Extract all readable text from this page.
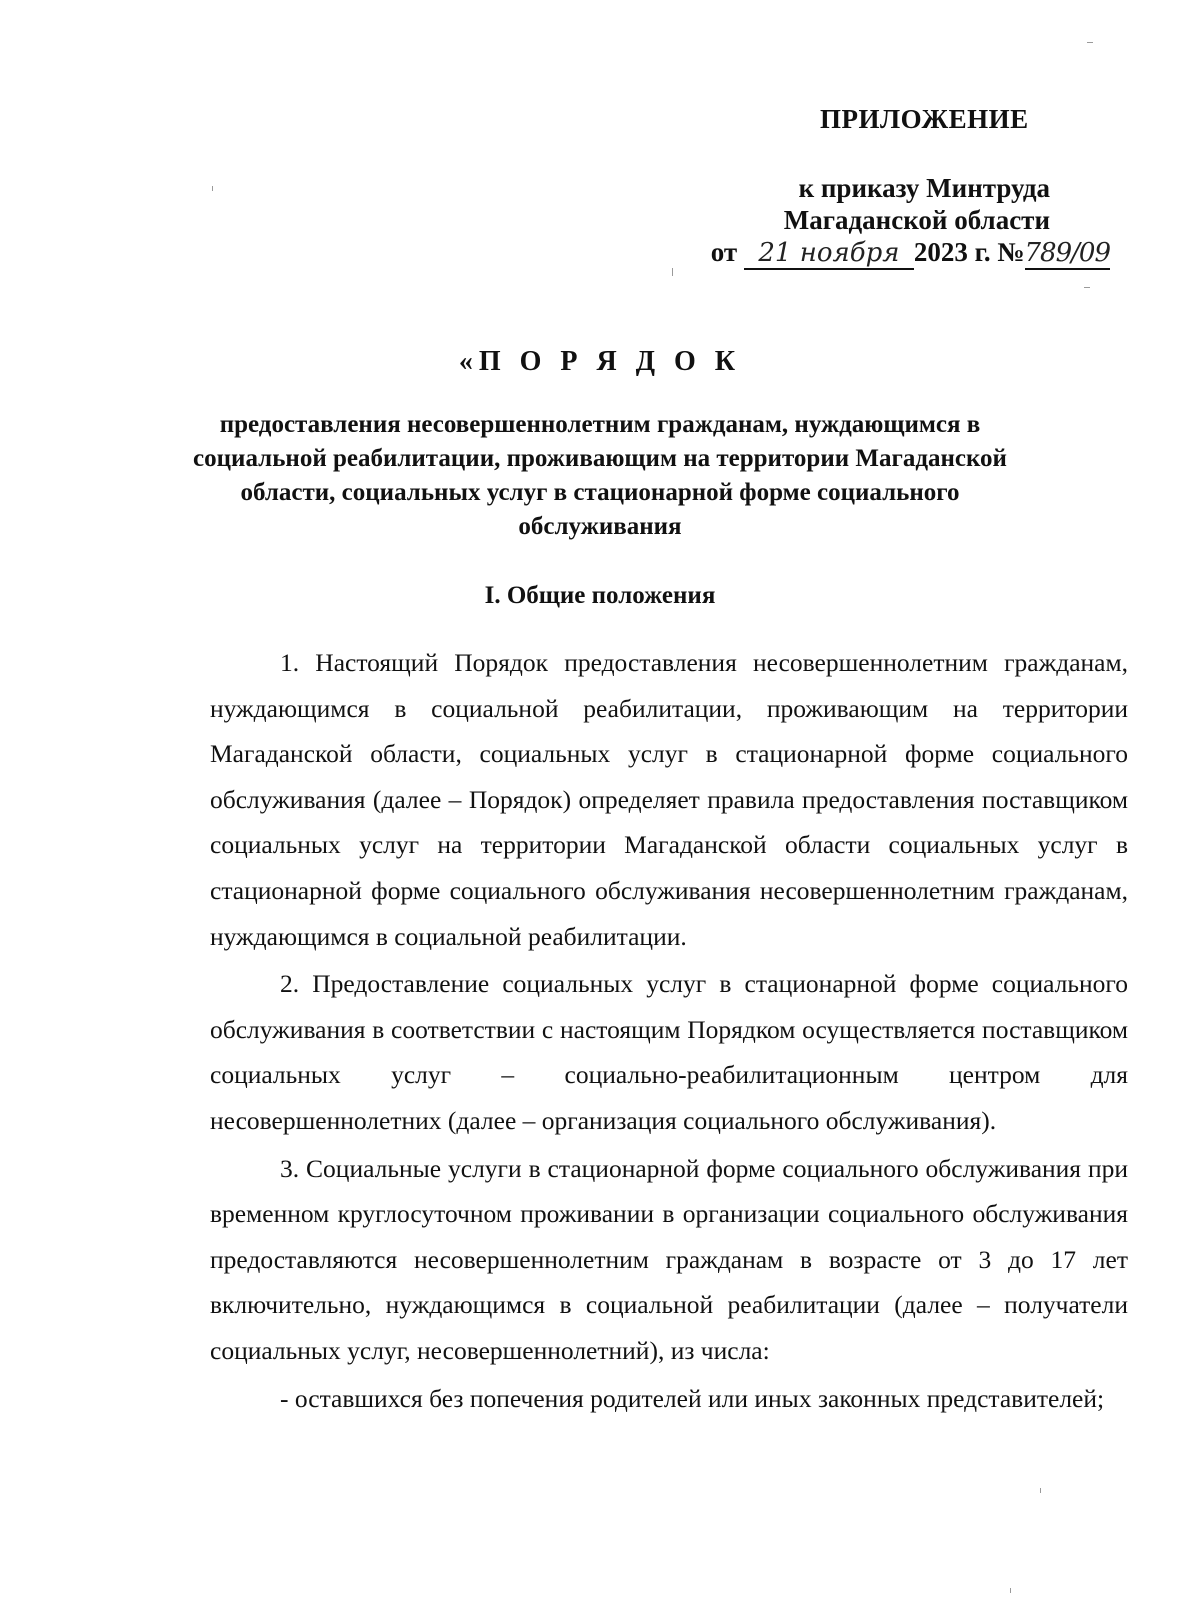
ПРИЛОЖЕНИЕ
к приказу Минтруда
Магаданской области
от 21 ноября 2023 г. №789/09
«П О Р Я Д О К
предоставления несовершеннолетним гражданам, нуждающимся в социальной реабилитации, проживающим на территории Магаданской области, социальных услуг в стационарной форме социального обслуживания
I. Общие положения

1. Настоящий Порядок предоставления несовершеннолетним гражданам, нуждающимся в социальной реабилитации, проживающим на территории Магаданской области, социальных услуг в стационарной форме социального обслуживания (далее – Порядок) определяет правила предоставления поставщиком социальных услуг на территории Магаданской области социальных услуг в стационарной форме социального обслуживания несовершеннолетним гражданам, нуждающимся в социальной реабилитации.

2. Предоставление социальных услуг в стационарной форме социального обслуживания в соответствии с настоящим Порядком осуществляется поставщиком социальных услуг – социально-реабилитационным центром для несовершеннолетних (далее – организация социального обслуживания).

3. Социальные услуги в стационарной форме социального обслуживания при временном круглосуточном проживании в организации социального обслуживания предоставляются несовершеннолетним гражданам в возрасте от 3 до 17 лет включительно, нуждающимся в социальной реабилитации (далее – получатели социальных услуг, несовершеннолетний), из числа:

- оставшихся без попечения родителей или иных законных представителей;
